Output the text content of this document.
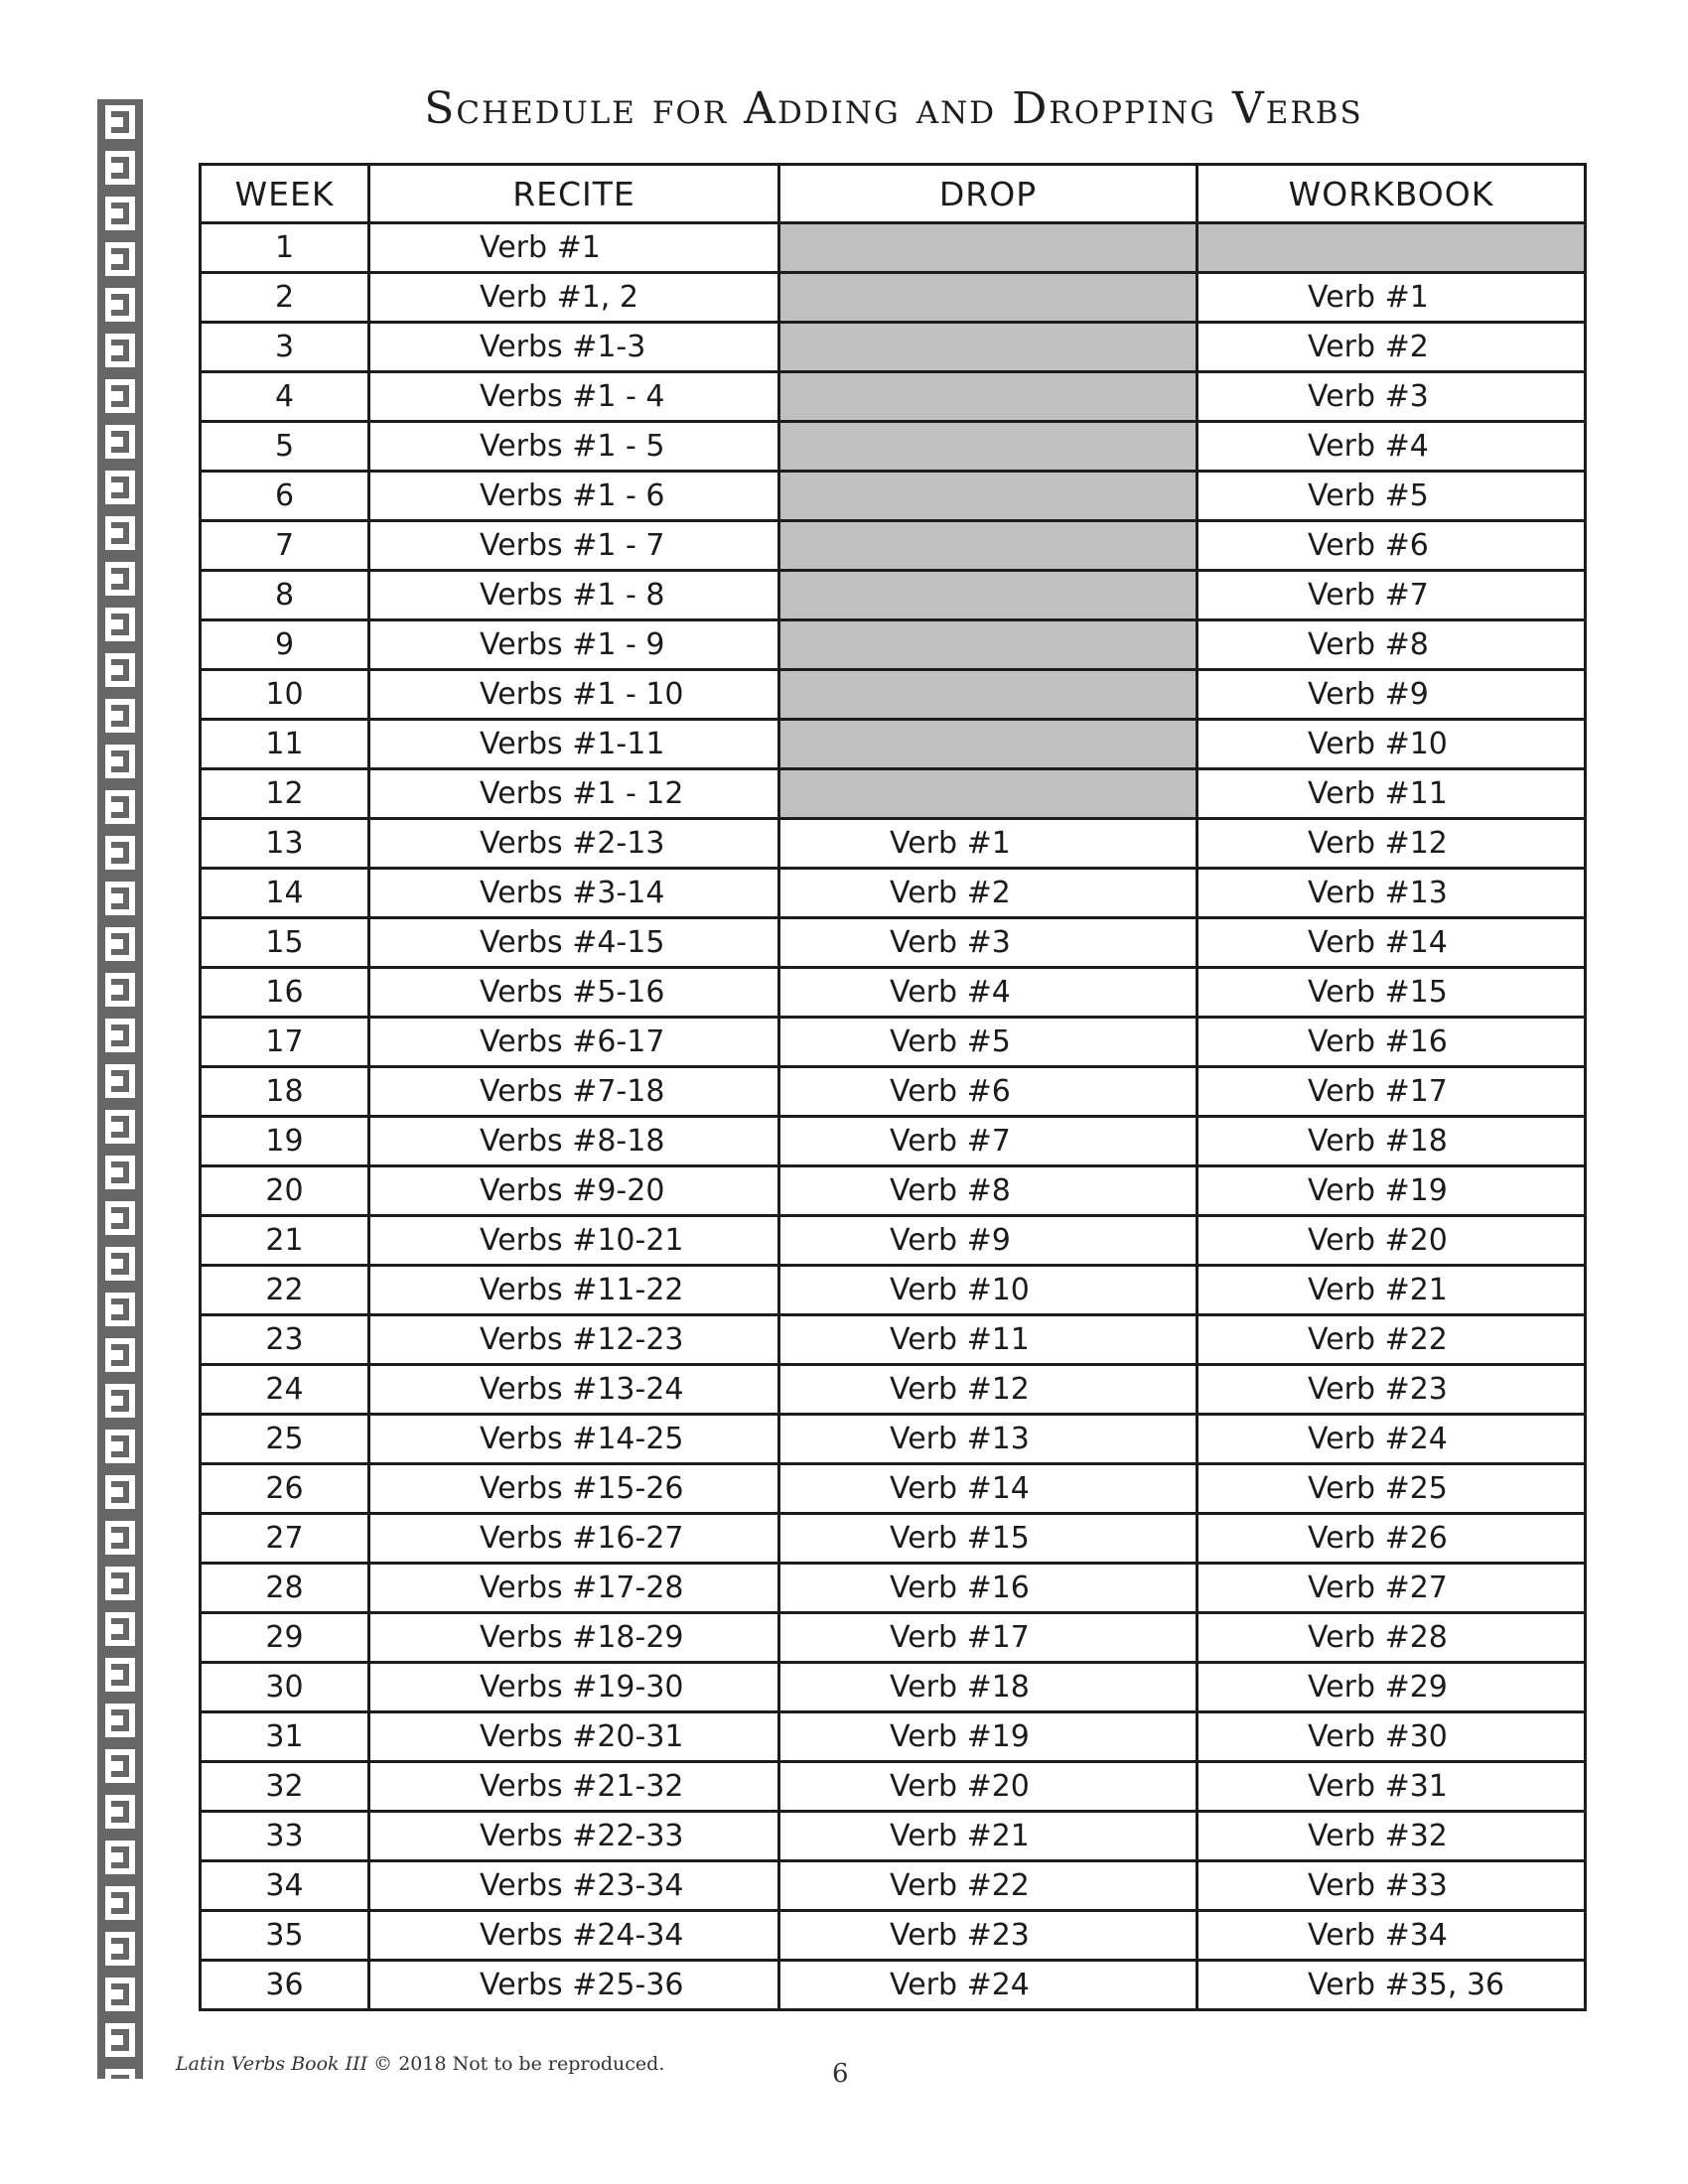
Schedule for Adding and Dropping Verbs
WEEK	RECITE	DROP	WORKBOOK
1	Verb #1		
2	Verb #1, 2		Verb #1
3	Verbs #1-3		Verb #2
4	Verbs #1 - 4		Verb #3
5	Verbs #1 - 5		Verb #4
6	Verbs #1 - 6		Verb #5
7	Verbs #1 - 7		Verb #6
8	Verbs #1 - 8		Verb #7
9	Verbs #1 - 9		Verb #8
10	Verbs #1 - 10		Verb #9
11	Verbs #1-11		Verb #10
12	Verbs #1 - 12		Verb #11
13	Verbs #2-13	Verb #1	Verb #12
14	Verbs #3-14	Verb #2	Verb #13
15	Verbs #4-15	Verb #3	Verb #14
16	Verbs #5-16	Verb #4	Verb #15
17	Verbs #6-17	Verb #5	Verb #16
18	Verbs #7-18	Verb #6	Verb #17
19	Verbs #8-18	Verb #7	Verb #18
20	Verbs #9-20	Verb #8	Verb #19
21	Verbs #10-21	Verb #9	Verb #20
22	Verbs #11-22	Verb #10	Verb #21
23	Verbs #12-23	Verb #11	Verb #22
24	Verbs #13-24	Verb #12	Verb #23
25	Verbs #14-25	Verb #13	Verb #24
26	Verbs #15-26	Verb #14	Verb #25
27	Verbs #16-27	Verb #15	Verb #26
28	Verbs #17-28	Verb #16	Verb #27
29	Verbs #18-29	Verb #17	Verb #28
30	Verbs #19-30	Verb #18	Verb #29
31	Verbs #20-31	Verb #19	Verb #30
32	Verbs #21-32	Verb #20	Verb #31
33	Verbs #22-33	Verb #21	Verb #32
34	Verbs #23-34	Verb #22	Verb #33
35	Verbs #24-34	Verb #23	Verb #34
36	Verbs #25-36	Verb #24	Verb #35, 36
Latin Verbs Book III © 2018 Not to be reproduced.	6
